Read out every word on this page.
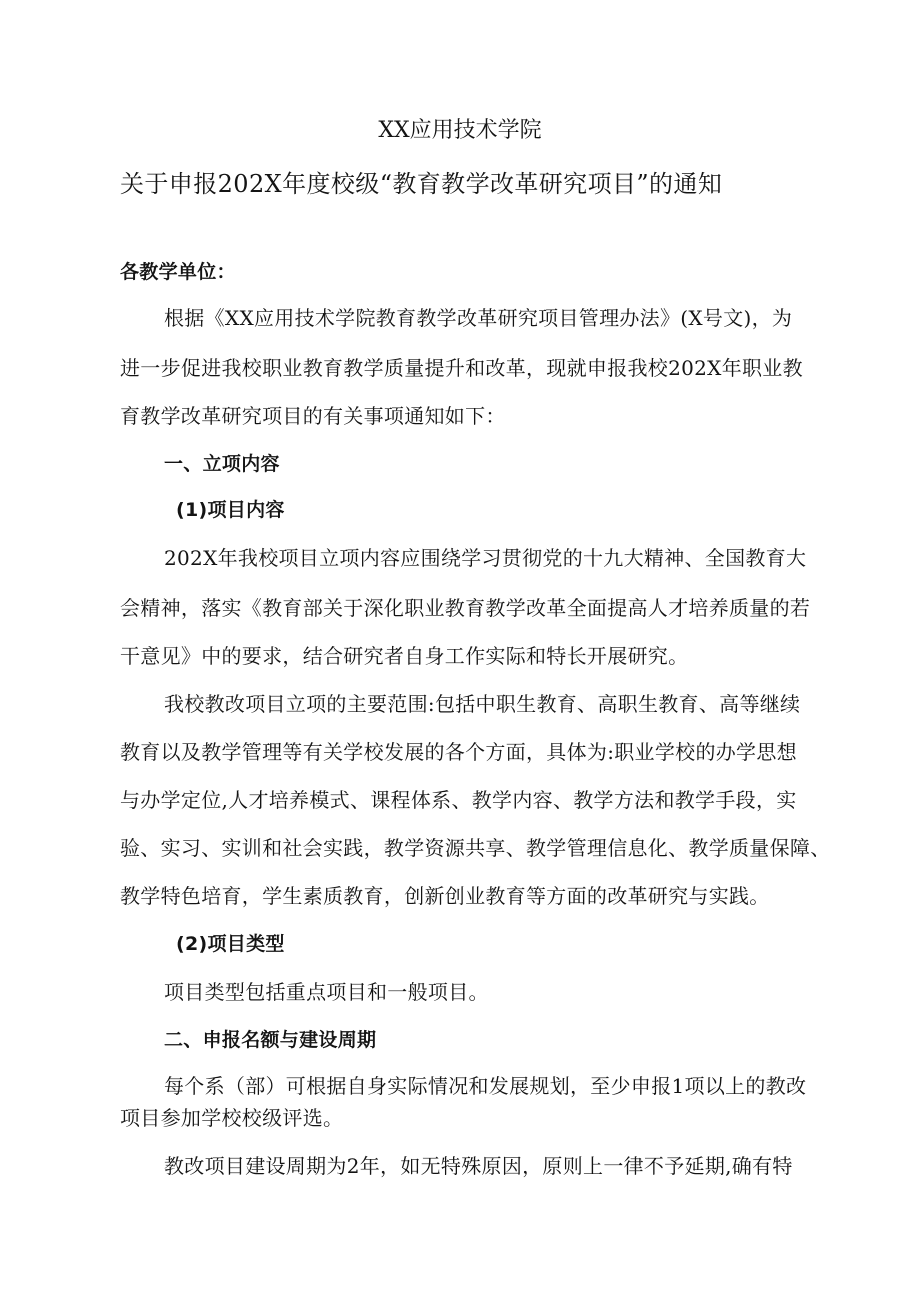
XX应用技术学院
关于申报202X年度校级“教育教学改革研究项目”的通知
各教学单位：
根据《XX应用技术学院教育教学改革研究项目管理办法》(X号文)，为
进一步促进我校职业教育教学质量提升和改革，现就申报我校202X年职业教
育教学改革研究项目的有关事项通知如下：
一、立项内容
(1)项目内容
202X年我校项目立项内容应围绕学习贯彻党的十九大精神、全国教育大
会精神，落实《教育部关于深化职业教育教学改革全面提高人才培养质量的若
干意见》中的要求，结合研究者自身工作实际和特长开展研究。
我校教改项目立项的主要范围:包括中职生教育、高职生教育、高等继续
教育以及教学管理等有关学校发展的各个方面，具体为:职业学校的办学思想
与办学定位,人才培养模式、课程体系、教学内容、教学方法和教学手段，实
验、实习、实训和社会实践，教学资源共享、教学管理信息化、教学质量保障、
教学特色培育，学生素质教育，创新创业教育等方面的改革研究与实践。
(2)项目类型
项目类型包括重点项目和一般项目。
二、申报名额与建设周期
每个系（部）可根据自身实际情况和发展规划，至少申报1项以上的教改
项目参加学校校级评选。
教改项目建设周期为2年，如无特殊原因，原则上一律不予延期,确有特
